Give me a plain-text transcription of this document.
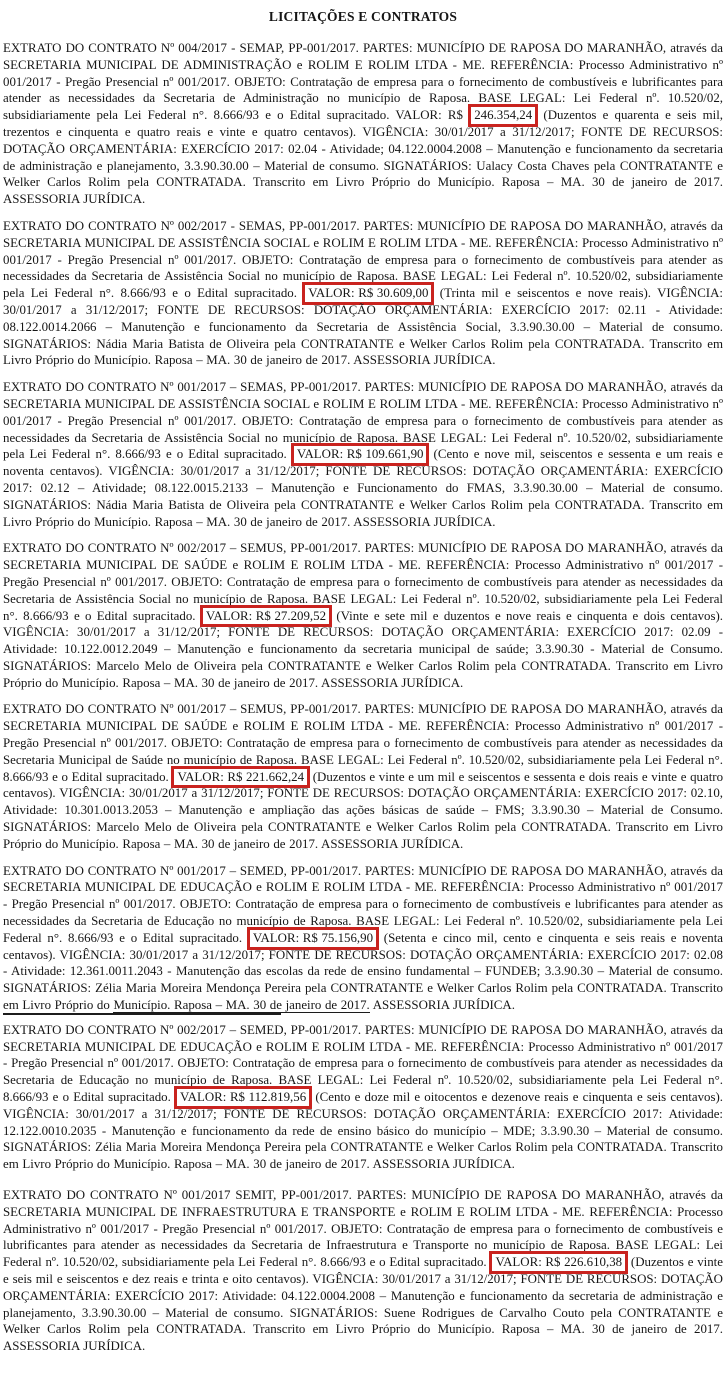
LICITAÇÕES E CONTRATOS

EXTRATO DO CONTRATO Nº 004/2017 - SEMAP, PP-001/2017. PARTES: MUNICÍPIO DE RAPOSA DO MARANHÃO, através da SECRETARIA MUNICIPAL DE ADMINISTRAÇÃO e ROLIM E ROLIM LTDA - ME. REFERÊNCIA: Processo Administrativo nº 001/2017 - Pregão Presencial nº 001/2017. OBJETO: Contratação de empresa para o fornecimento de combustíveis e lubrificantes para atender as necessidades da Secretaria de Administração no município de Raposa. BASE LEGAL: Lei Federal nº. 10.520/02, subsidiariamente pela Lei Federal n°. 8.666/93 e o Edital supracitado. VALOR: R$ 246.354,24 (Duzentos e quarenta e seis mil, trezentos e cinquenta e quatro reais e vinte e quatro centavos). VIGÊNCIA: 30/01/2017 a 31/12/2017; FONTE DE RECURSOS: DOTAÇÃO ORÇAMENTÁRIA: EXERCÍCIO 2017: 02.04 - Atividade; 04.122.0004.2008 – Manutenção e funcionamento da secretaria de administração e planejamento, 3.3.90.30.00 – Material de consumo. SIGNATÁRIOS: Ualacy Costa Chaves pela CONTRATANTE e Welker Carlos Rolim pela CONTRATADA. Transcrito em Livro Próprio do Município. Raposa – MA. 30 de janeiro de 2017. ASSESSORIA JURÍDICA.

EXTRATO DO CONTRATO Nº 002/2017 - SEMAS, PP-001/2017. PARTES: MUNICÍPIO DE RAPOSA DO MARANHÃO, através da SECRETARIA MUNICIPAL DE ASSISTÊNCIA SOCIAL e ROLIM E ROLIM LTDA - ME. REFERÊNCIA: Processo Administrativo nº 001/2017 - Pregão Presencial nº 001/2017. OBJETO: Contratação de empresa para o fornecimento de combustíveis para atender as necessidades da Secretaria de Assistência Social no município de Raposa. BASE LEGAL: Lei Federal nº. 10.520/02, subsidiariamente pela Lei Federal n°. 8.666/93 e o Edital supracitado. VALOR: R$ 30.609,00 (Trinta mil e seiscentos e nove reais). VIGÊNCIA: 30/01/2017 a 31/12/2017; FONTE DE RECURSOS: DOTAÇÃO ORÇAMENTÁRIA: EXERCÍCIO 2017: 02.11 - Atividade: 08.122.0014.2066 – Manutenção e funcionamento da Secretaria de Assistência Social, 3.3.90.30.00 – Material de consumo. SIGNATÁRIOS: Nádia Maria Batista de Oliveira pela CONTRATANTE e Welker Carlos Rolim pela CONTRATADA. Transcrito em Livro Próprio do Município. Raposa – MA. 30 de janeiro de 2017. ASSESSORIA JURÍDICA.

EXTRATO DO CONTRATO Nº 001/2017 – SEMAS, PP-001/2017. PARTES: MUNICÍPIO DE RAPOSA DO MARANHÃO, através da SECRETARIA MUNICIPAL DE ASSISTÊNCIA SOCIAL e ROLIM E ROLIM LTDA - ME. REFERÊNCIA: Processo Administrativo nº 001/2017 - Pregão Presencial nº 001/2017. OBJETO: Contratação de empresa para o fornecimento de combustíveis para atender as necessidades da Secretaria de Assistência Social no município de Raposa. BASE LEGAL: Lei Federal nº. 10.520/02, subsidiariamente pela Lei Federal n°. 8.666/93 e o Edital supracitado. VALOR: R$ 109.661,90 (Cento e nove mil, seiscentos e sessenta e um reais e noventa centavos). VIGÊNCIA: 30/01/2017 a 31/12/2017; FONTE DE RECURSOS: DOTAÇÃO ORÇAMENTÁRIA: EXERCÍCIO 2017: 02.12 – Atividade; 08.122.0015.2133 – Manutenção e Funcionamento do FMAS, 3.3.90.30.00 – Material de consumo. SIGNATÁRIOS: Nádia Maria Batista de Oliveira pela CONTRATANTE e Welker Carlos Rolim pela CONTRATADA. Transcrito em Livro Próprio do Município. Raposa – MA. 30 de janeiro de 2017. ASSESSORIA JURÍDICA.

EXTRATO DO CONTRATO Nº 002/2017 – SEMUS, PP-001/2017. PARTES: MUNICÍPIO DE RAPOSA DO MARANHÃO, através da SECRETARIA MUNICIPAL DE SAÚDE e ROLIM E ROLIM LTDA - ME. REFERÊNCIA: Processo Administrativo nº 001/2017 - Pregão Presencial nº 001/2017. OBJETO: Contratação de empresa para o fornecimento de combustíveis para atender as necessidades da Secretaria de Assistência Social no município de Raposa. BASE LEGAL: Lei Federal nº. 10.520/02, subsidiariamente pela Lei Federal n°. 8.666/93 e o Edital supracitado. VALOR: R$ 27.209,52 (Vinte e sete mil e duzentos e nove reais e cinquenta e dois centavos). VIGÊNCIA: 30/01/2017 a 31/12/2017; FONTE DE RECURSOS: DOTAÇÃO ORÇAMENTÁRIA: EXERCÍCIO 2017: 02.09 - Atividade: 10.122.0012.2049 – Manutenção e funcionamento da secretaria municipal de saúde; 3.3.90.30 - Material de Consumo. SIGNATÁRIOS: Marcelo Melo de Oliveira pela CONTRATANTE e Welker Carlos Rolim pela CONTRATADA. Transcrito em Livro Próprio do Município. Raposa – MA. 30 de janeiro de 2017. ASSESSORIA JURÍDICA.

EXTRATO DO CONTRATO Nº 001/2017 – SEMUS, PP-001/2017. PARTES: MUNICÍPIO DE RAPOSA DO MARANHÃO, através da SECRETARIA MUNICIPAL DE SAÚDE e ROLIM E ROLIM LTDA - ME. REFERÊNCIA: Processo Administrativo nº 001/2017 - Pregão Presencial nº 001/2017. OBJETO: Contratação de empresa para o fornecimento de combustíveis para atender as necessidades da Secretaria Municipal de Saúde no município de Raposa. BASE LEGAL: Lei Federal nº. 10.520/02, subsidiariamente pela Lei Federal n°. 8.666/93 e o Edital supracitado. VALOR: R$ 221.662,24 (Duzentos e vinte e um mil e seiscentos e sessenta e dois reais e vinte e quatro centavos). VIGÊNCIA: 30/01/2017 a 31/12/2017; FONTE DE RECURSOS: DOTAÇÃO ORÇAMENTÁRIA: EXERCÍCIO 2017: 02.10, Atividade: 10.301.0013.2053 – Manutenção e ampliação das ações básicas de saúde – FMS; 3.3.90.30 – Material de Consumo. SIGNATÁRIOS: Marcelo Melo de Oliveira pela CONTRATANTE e Welker Carlos Rolim pela CONTRATADA. Transcrito em Livro Próprio do Município. Raposa – MA. 30 de janeiro de 2017. ASSESSORIA JURÍDICA.

EXTRATO DO CONTRATO Nº 001/2017 – SEMED, PP-001/2017. PARTES: MUNICÍPIO DE RAPOSA DO MARANHÃO, através da SECRETARIA MUNICIPAL DE EDUCAÇÃO e ROLIM E ROLIM LTDA - ME. REFERÊNCIA: Processo Administrativo nº 001/2017 - Pregão Presencial nº 001/2017. OBJETO: Contratação de empresa para o fornecimento de combustíveis e lubrificantes para atender as necessidades da Secretaria de Educação no município de Raposa. BASE LEGAL: Lei Federal nº. 10.520/02, subsidiariamente pela Lei Federal n°. 8.666/93 e o Edital supracitado. VALOR: R$ 75.156,90 (Setenta e cinco mil, cento e cinquenta e seis reais e noventa centavos). VIGÊNCIA: 30/01/2017 a 31/12/2017; FONTE DE RECURSOS: DOTAÇÃO ORÇAMENTÁRIA: EXERCÍCIO 2017: 02.08 - Atividade: 12.361.0011.2043 - Manutenção das escolas da rede de ensino fundamental – FUNDEB; 3.3.90.30 – Material de consumo. SIGNATÁRIOS: Zélia Maria Moreira Mendonça Pereira pela CONTRATANTE e Welker Carlos Rolim pela CONTRATADA. Transcrito em Livro Próprio do Município. Raposa – MA. 30 de janeiro de 2017. ASSESSORIA JURÍDICA.

EXTRATO DO CONTRATO Nº 002/2017 – SEMED, PP-001/2017. PARTES: MUNICÍPIO DE RAPOSA DO MARANHÃO, através da SECRETARIA MUNICIPAL DE EDUCAÇÃO e ROLIM E ROLIM LTDA - ME. REFERÊNCIA: Processo Administrativo nº 001/2017 - Pregão Presencial nº 001/2017. OBJETO: Contratação de empresa para o fornecimento de combustíveis para atender as necessidades da Secretaria de Educação no município de Raposa. BASE LEGAL: Lei Federal nº. 10.520/02, subsidiariamente pela Lei Federal n°. 8.666/93 e o Edital supracitado. VALOR: R$ 112.819,56 (Cento e doze mil e oitocentos e dezenove reais e cinquenta e seis centavos). VIGÊNCIA: 30/01/2017 a 31/12/2017; FONTE DE RECURSOS: DOTAÇÃO ORÇAMENTÁRIA: EXERCÍCIO 2017: Atividade: 12.122.0010.2035 - Manutenção e funcionamento da rede de ensino básico do município – MDE; 3.3.90.30 – Material de consumo. SIGNATÁRIOS: Zélia Maria Moreira Mendonça Pereira pela CONTRATANTE e Welker Carlos Rolim pela CONTRATADA. Transcrito em Livro Próprio do Município. Raposa – MA. 30 de janeiro de 2017. ASSESSORIA JURÍDICA.

EXTRATO DO CONTRATO Nº 001/2017 SEMIT, PP-001/2017. PARTES: MUNICÍPIO DE RAPOSA DO MARANHÃO, através da SECRETARIA MUNICIPAL DE INFRAESTRUTURA E TRANSPORTE e ROLIM E ROLIM LTDA - ME. REFERÊNCIA: Processo Administrativo nº 001/2017 - Pregão Presencial nº 001/2017. OBJETO: Contratação de empresa para o fornecimento de combustíveis e lubrificantes para atender as necessidades da Secretaria de Infraestrutura e Transporte no município de Raposa. BASE LEGAL: Lei Federal nº. 10.520/02, subsidiariamente pela Lei Federal n°. 8.666/93 e o Edital supracitado. VALOR: R$ 226.610,38 (Duzentos e vinte e seis mil e seiscentos e dez reais e trinta e oito centavos). VIGÊNCIA: 30/01/2017 a 31/12/2017; FONTE DE RECURSOS: DOTAÇÃO ORÇAMENTÁRIA: EXERCÍCIO 2017: Atividade: 04.122.0004.2008 – Manutenção e funcionamento da secretaria de administração e planejamento, 3.3.90.30.00 – Material de consumo. SIGNATÁRIOS: Suene Rodrigues de Carvalho Couto pela CONTRATANTE e Welker Carlos Rolim pela CONTRATADA. Transcrito em Livro Próprio do Município. Raposa – MA. 30 de janeiro de 2017. ASSESSORIA JURÍDICA.
